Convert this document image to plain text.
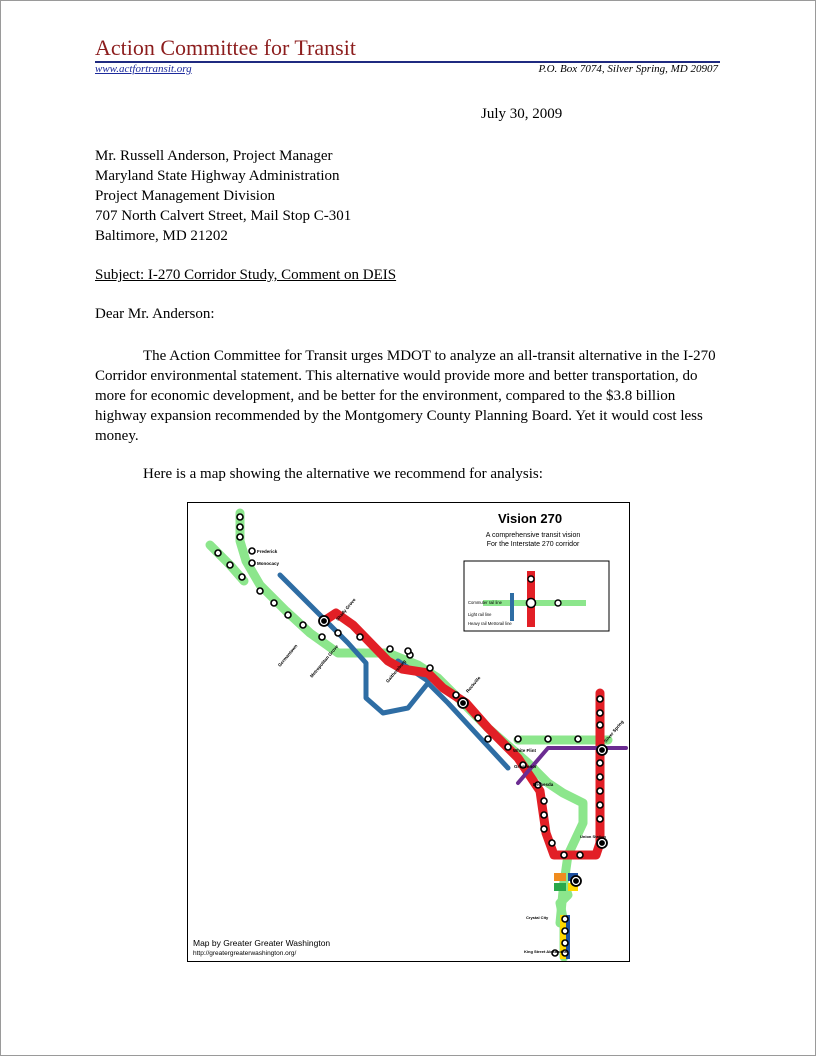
Action Committee for Transit
www.actfortransit.org	P.O. Box 7074, Silver Spring, MD 20907
July 30, 2009
Mr. Russell Anderson, Project Manager
Maryland State Highway Administration
Project Management Division
707 North Calvert Street, Mail Stop C-301
Baltimore, MD 21202
Subject: I-270 Corridor Study, Comment on DEIS
Dear Mr. Anderson:
The Action Committee for Transit urges MDOT to analyze an all-transit alternative in the I-270 Corridor environmental statement. This alternative would provide more and better transportation, do more for economic development, and be better for the environment, compared to the $3.8 billion highway expansion recommended by the Montgomery County Planning Board. Yet it would cost less money.
Here is a map showing the alternative we recommend for analysis:
Commuter rail line
Light rail line
Heavy rail Metrorail line
Frederick
Monocacy
Germantown
Shady Grove
Metropolitan Grove	Gaithersburg
Rockville
White Flint
Grosvenor
Bethesda
Silver Spring
Union Station
Crystal City
King Street Alexandria
Vision 270
A comprehensive transit vision
For the Interstate 270 corridor
Map by Greater Greater Washington
http://greatergreaterwashington.org/
